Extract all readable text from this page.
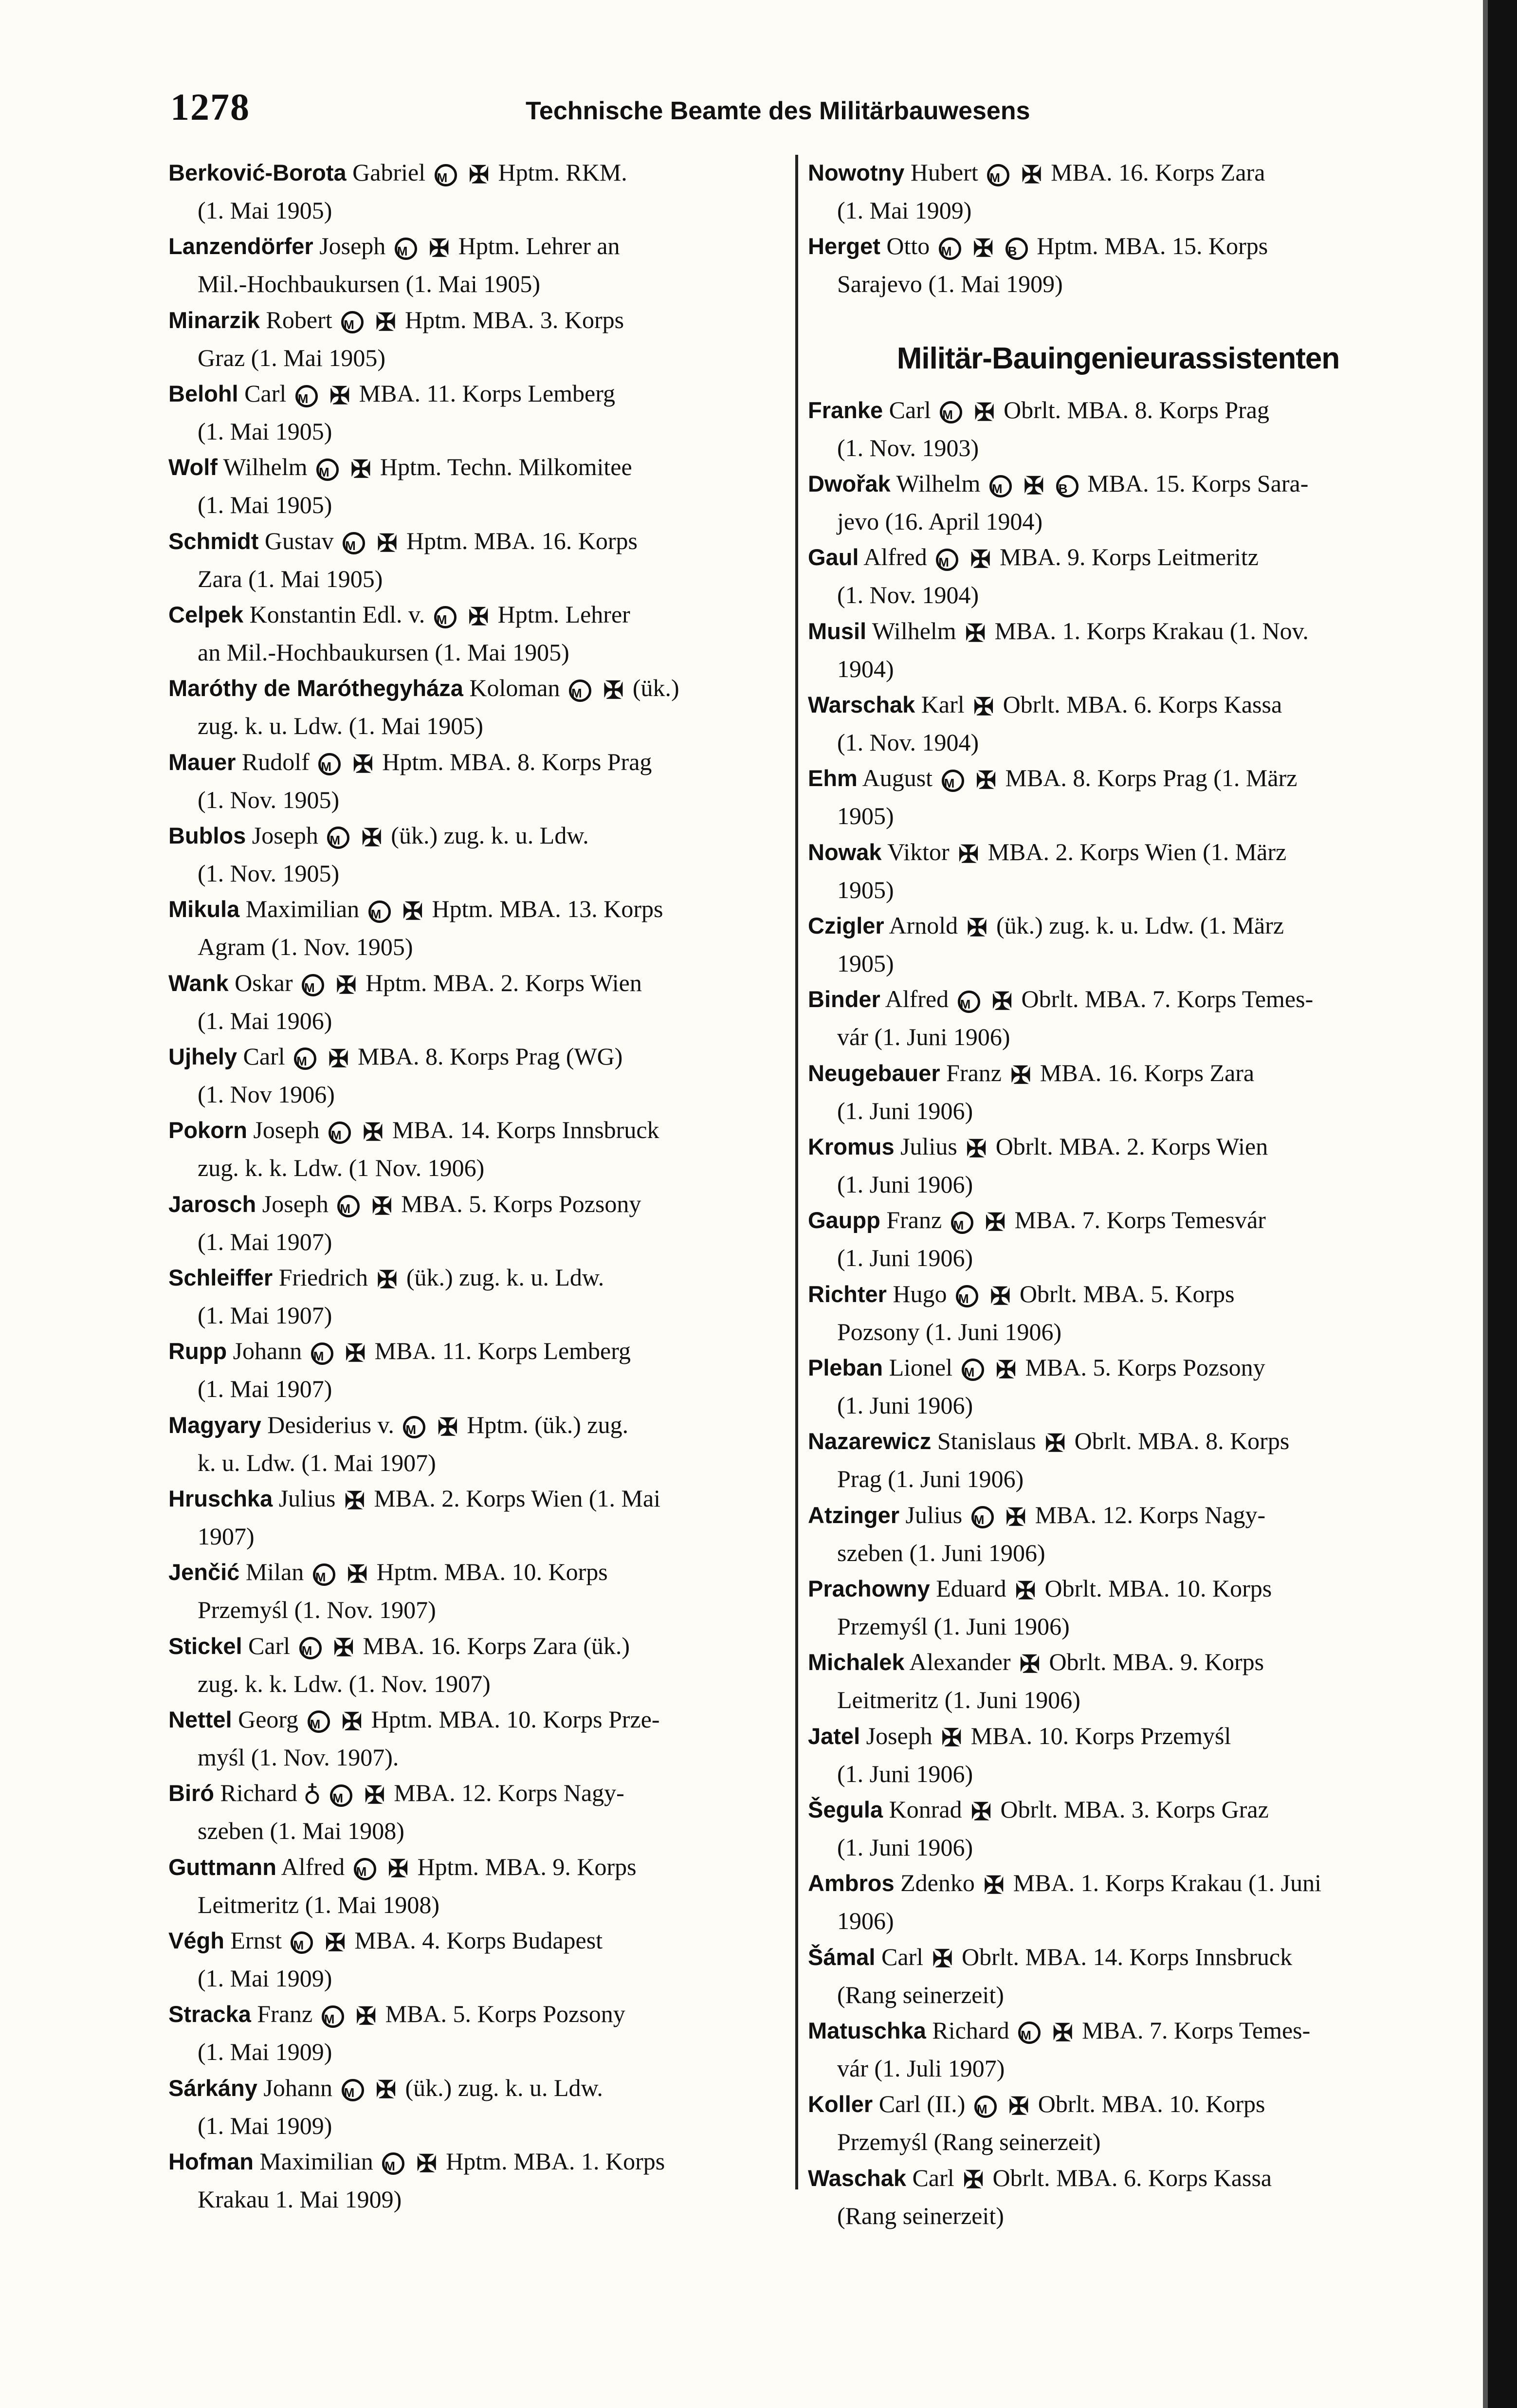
1278	Technische Beamte des Militärbauwesens
Berković-Borota Gabriel M ✠ Hptm. RKM.
(1. Mai 1905)
Lanzendörfer Joseph M ✠ Hptm. Lehrer an
Mil.-Hochbaukursen (1. Mai 1905)
Minarzik Robert M ✠ Hptm. MBA. 3. Korps
Graz (1. Mai 1905)
Belohl Carl M ✠ MBA. 11. Korps Lemberg
(1. Mai 1905)
Wolf Wilhelm M ✠ Hptm. Techn. Milkomitee
(1. Mai 1905)
Schmidt Gustav M ✠ Hptm. MBA. 16. Korps
Zara (1. Mai 1905)
Celpek Konstantin Edl. v. M ✠ Hptm. Lehrer
an Mil.-Hochbaukursen (1. Mai 1905)
Maróthy de Maróthegyháza Koloman M ✠ (ük.)
zug. k. u. Ldw. (1. Mai 1905)
Mauer Rudolf M ✠ Hptm. MBA. 8. Korps Prag
(1. Nov. 1905)
Bublos Joseph M ✠ (ük.) zug. k. u. Ldw.
(1. Nov. 1905)
Mikula Maximilian M ✠ Hptm. MBA. 13. Korps
Agram (1. Nov. 1905)
Wank Oskar M ✠ Hptm. MBA. 2. Korps Wien
(1. Mai 1906)
Ujhely Carl M ✠ MBA. 8. Korps Prag (WG)
(1. Nov 1906)
Pokorn Joseph M ✠ MBA. 14. Korps Innsbruck
zug. k. k. Ldw. (1 Nov. 1906)
Jarosch Joseph M ✠ MBA. 5. Korps Pozsony
(1. Mai 1907)
Schleiffer Friedrich ✠ (ük.) zug. k. u. Ldw.
(1. Mai 1907)
Rupp Johann M ✠ MBA. 11. Korps Lemberg
(1. Mai 1907)
Magyary Desiderius v. M ✠ Hptm. (ük.) zug.
k. u. Ldw. (1. Mai 1907)
Hruschka Julius ✠ MBA. 2. Korps Wien (1. Mai
1907)
Jenčić Milan M ✠ Hptm. MBA. 10. Korps
Przemyśl (1. Nov. 1907)
Stickel Carl M ✠ MBA. 16. Korps Zara (ük.)
zug. k. k. Ldw. (1. Nov. 1907)
Nettel Georg M ✠ Hptm. MBA. 10. Korps Prze-
myśl (1. Nov. 1907).
Biró Richard ♁ M ✠ MBA. 12. Korps Nagy-
szeben (1. Mai 1908)
Guttmann Alfred M ✠ Hptm. MBA. 9. Korps
Leitmeritz (1. Mai 1908)
Végh Ernst M ✠ MBA. 4. Korps Budapest
(1. Mai 1909)
Stracka Franz M ✠ MBA. 5. Korps Pozsony
(1. Mai 1909)
Sárkány Johann M ✠ (ük.) zug. k. u. Ldw.
(1. Mai 1909)
Hofman Maximilian M ✠ Hptm. MBA. 1. Korps
Krakau 1. Mai 1909)
Nowotny Hubert M ✠ MBA. 16. Korps Zara
(1. Mai 1909)
Herget Otto M ✠ B Hptm. MBA. 15. Korps
Sarajevo (1. Mai 1909)
Militär-Bauingenieurassistenten
Franke Carl M ✠ Obrlt. MBA. 8. Korps Prag
(1. Nov. 1903)
Dwořak Wilhelm M ✠ B MBA. 15. Korps Sara-
jevo (16. April 1904)
Gaul Alfred M ✠ MBA. 9. Korps Leitmeritz
(1. Nov. 1904)
Musil Wilhelm ✠ MBA. 1. Korps Krakau (1. Nov.
1904)
Warschak Karl ✠ Obrlt. MBA. 6. Korps Kassa
(1. Nov. 1904)
Ehm August M ✠ MBA. 8. Korps Prag (1. März
1905)
Nowak Viktor ✠ MBA. 2. Korps Wien (1. März
1905)
Czigler Arnold ✠ (ük.) zug. k. u. Ldw. (1. März
1905)
Binder Alfred M ✠ Obrlt. MBA. 7. Korps Temes-
vár (1. Juni 1906)
Neugebauer Franz ✠ MBA. 16. Korps Zara
(1. Juni 1906)
Kromus Julius ✠ Obrlt. MBA. 2. Korps Wien
(1. Juni 1906)
Gaupp Franz M ✠ MBA. 7. Korps Temesvár
(1. Juni 1906)
Richter Hugo M ✠ Obrlt. MBA. 5. Korps
Pozsony (1. Juni 1906)
Pleban Lionel M ✠ MBA. 5. Korps Pozsony
(1. Juni 1906)
Nazarewicz Stanislaus ✠ Obrlt. MBA. 8. Korps
Prag (1. Juni 1906)
Atzinger Julius M ✠ MBA. 12. Korps Nagy-
szeben (1. Juni 1906)
Prachowny Eduard ✠ Obrlt. MBA. 10. Korps
Przemyśl (1. Juni 1906)
Michalek Alexander ✠ Obrlt. MBA. 9. Korps
Leitmeritz (1. Juni 1906)
Jatel Joseph ✠ MBA. 10. Korps Przemyśl
(1. Juni 1906)
Šegula Konrad ✠ Obrlt. MBA. 3. Korps Graz
(1. Juni 1906)
Ambros Zdenko ✠ MBA. 1. Korps Krakau (1. Juni
1906)
Šámal Carl ✠ Obrlt. MBA. 14. Korps Innsbruck
(Rang seinerzeit)
Matuschka Richard M ✠ MBA. 7. Korps Temes-
vár (1. Juli 1907)
Koller Carl (II.) M ✠ Obrlt. MBA. 10. Korps
Przemyśl (Rang seinerzeit)
Waschak Carl ✠ Obrlt. MBA. 6. Korps Kassa
(Rang seinerzeit)
